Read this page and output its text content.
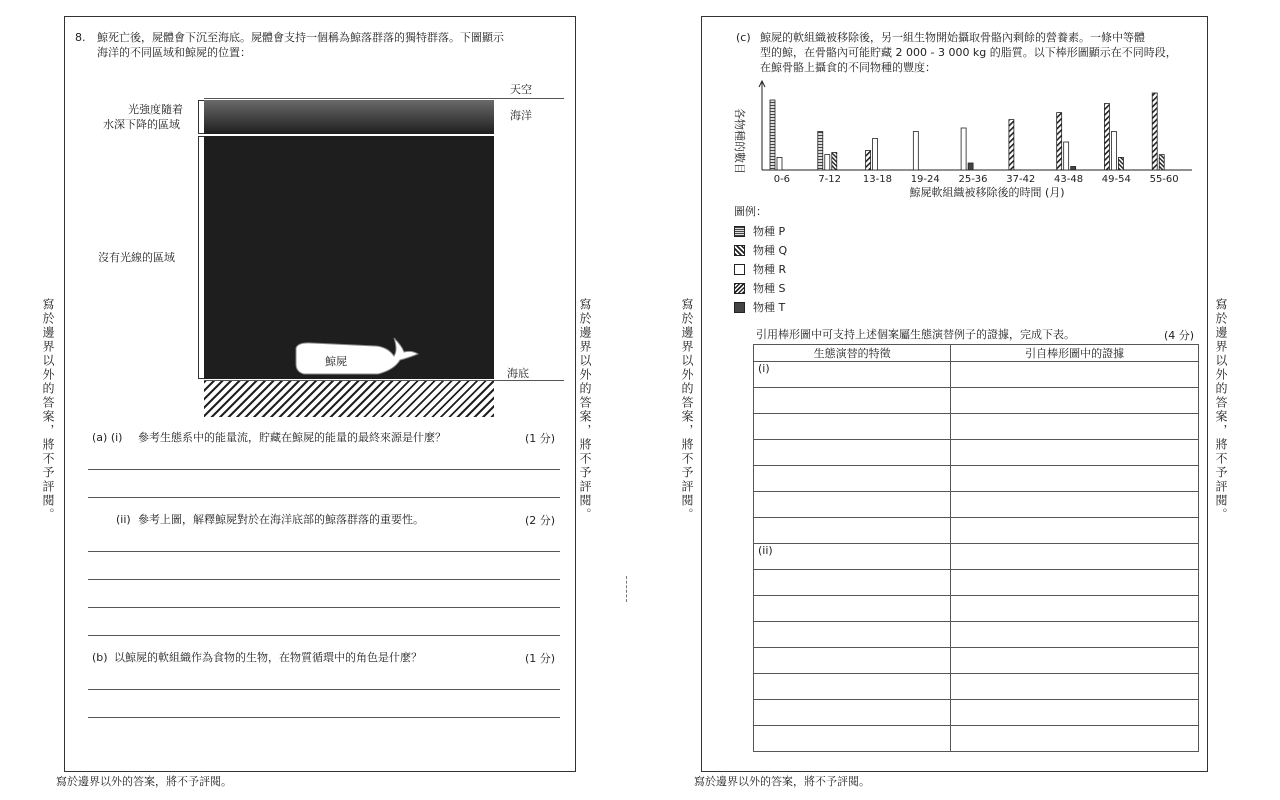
8. 鯨死亡後，屍體會下沉至海底。屍體會支持一個稱為鯨落群落的獨特群落。下圖顯示
海洋的不同區域和鯨屍的位置：
天空
海洋
光強度隨着
水深下降的區域
沒有光線的區域
鯨屍
海底
(a) (i) 參考生態系中的能量流，貯藏在鯨屍的能量的最終來源是什麼？	(1 分)
(ii) 參考上圖，解釋鯨屍對於在海洋底部的鯨落群落的重要性。	(2 分)
(b) 以鯨屍的軟組織作為食物的生物，在物質循環中的角色是什麼？	(1 分)
寫於邊界以外的答案，將不予評閱。	寫於邊界以外的答案，將不予評閱。
寫於邊界以外的答案，將不予評閱。
(c) 鯨屍的軟組織被移除後，另一組生物開始攝取骨骼內剩餘的營養素。一條中等體
型的鯨，在骨骼內可能貯藏 2 000 - 3 000 kg 的脂質。以下棒形圖顯示在不同時段，
在鯨骨骼上攝食的不同物種的豐度：
各物種的數目
0-6	7-12 13-18 19-24 25-36 37-42 43-48 49-54 55-60
鯨屍軟組織被移除後的時間 (月)
圖例：
物種 P
物種 Q
物種 R
物種 S
物種 T
引用棒形圖中可支持上述個案屬生態演替例子的證據，完成下表。	(4 分)
生態演替的特徵	引自棒形圖中的證據
(i)	

(ii)	

寫於邊界以外的答案，將不予評閱。	寫於邊界以外的答案，將不予評閱。
寫於邊界以外的答案，將不予評閱。
